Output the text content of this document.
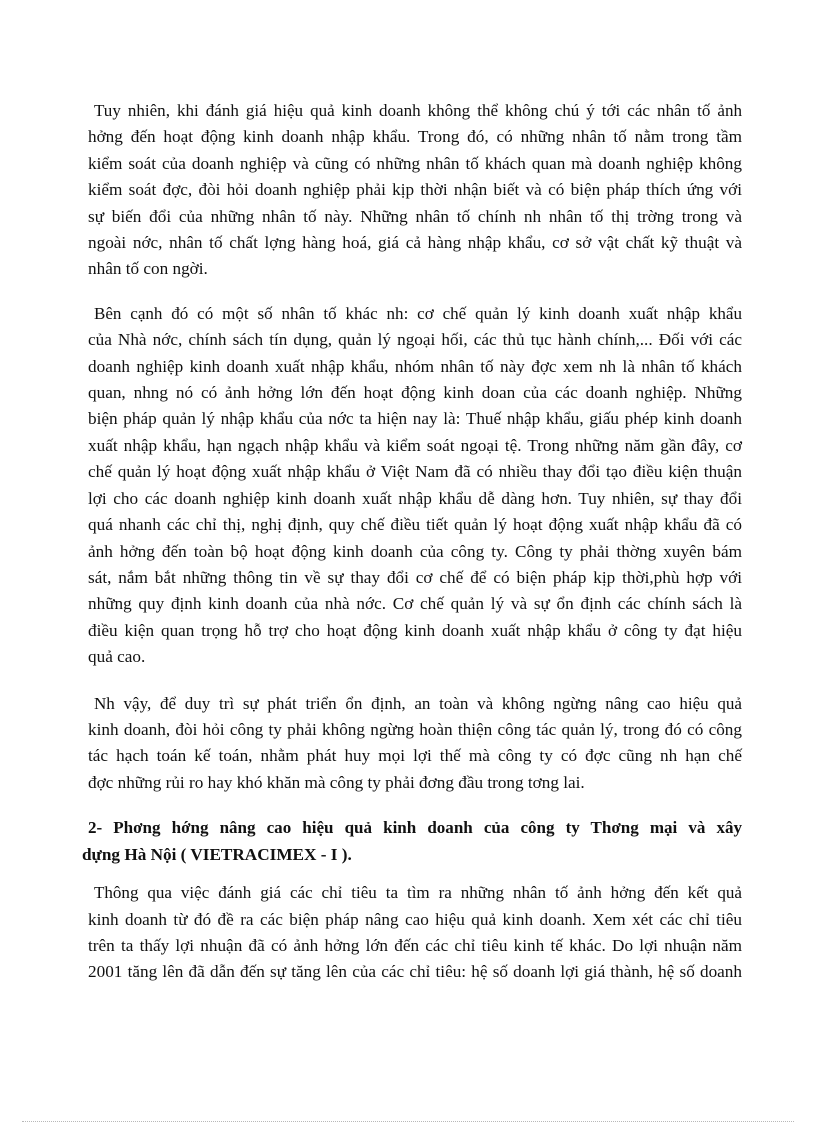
Tuy nhiên, khi đánh giá hiệu quả kinh doanh không thể không chú ý tới các nhân tố ảnh
hởng đến hoạt động kinh doanh nhập khẩu. Trong đó, có những nhân tố nằm trong tầm
kiểm soát của doanh nghiệp và cũng có những nhân tố khách quan mà doanh nghiệp không
kiểm soát đợc, đòi hỏi doanh nghiệp phải kịp thời nhận biết và có biện pháp thích ứng với
sự biến đổi của những nhân tố này. Những nhân tố chính nh nhân tố thị trờng trong và
ngoài nớc, nhân tố chất lợng hàng hoá, giá cả hàng nhập khẩu, cơ sở vật chất kỹ thuật và
nhân tố con ngời.
Bên cạnh đó có một số nhân tố khác nh: cơ chế quản lý kinh doanh xuất nhập khẩu
của Nhà nớc, chính sách tín dụng, quản lý ngoại hối, các thủ tục hành chính,... Đối với các
doanh nghiệp kinh doanh xuất nhập khẩu, nhóm nhân tố này đợc xem nh là nhân tố khách
quan, nhng nó có ảnh hởng lớn đến hoạt động kinh doan của các doanh nghiệp. Những
biện pháp quản lý nhập khẩu của nớc ta hiện nay là: Thuế nhập khẩu, giấu phép kinh doanh
xuất nhập khẩu, hạn ngạch nhập khẩu và kiểm soát ngoại tệ. Trong những năm gần đây, cơ
chế quản lý hoạt động xuất nhập khẩu ở Việt Nam đã có nhiều thay đổi tạo điều kiện thuận
lợi cho các doanh nghiệp kinh doanh xuất nhập khẩu dễ dàng hơn. Tuy nhiên, sự thay đổi
quá nhanh các chỉ thị, nghị định, quy chế điều tiết quản lý hoạt động xuất nhập khẩu đã có
ảnh hởng đến toàn bộ hoạt động kinh doanh của công ty. Công ty phải thờng xuyên bám
sát, nắm bắt những thông tin về sự thay đổi cơ chế để có biện pháp kịp thời,phù hợp với
những quy định kinh doanh của nhà nớc. Cơ chế quản lý và sự ổn định các chính sách là
điều kiện quan trọng hỗ trợ cho hoạt động kinh doanh xuất nhập khẩu ở công ty đạt hiệu
quả cao.
Nh vậy, để duy trì sự phát triển ổn định, an toàn và không ngừng nâng cao hiệu quả
kinh doanh, đòi hỏi công ty phải không ngừng hoàn thiện công tác quản lý, trong đó có công
tác hạch toán kế toán, nhằm phát huy mọi lợi thế mà công ty có đợc cũng nh hạn chế
đợc những rủi ro hay khó khăn mà công ty phải đơng đầu trong tơng lai.
2- Phơng hớng nâng cao hiệu quả kinh doanh của công ty Thơng mại và xây
dựng Hà Nội ( VIETRACIMEX - I ).
Thông qua việc đánh giá các chỉ tiêu ta tìm ra những nhân tố ảnh hởng đến kết quả
kinh doanh từ đó đề ra các biện pháp nâng cao hiệu quả kinh doanh. Xem xét các chỉ tiêu
trên ta thấy lợi nhuận đã có ảnh hởng lớn đến các chỉ tiêu kinh tế khác. Do lợi nhuận năm
2001 tăng lên đã dẫn đến sự tăng lên của các chỉ tiêu: hệ số doanh lợi giá thành, hệ số doanh
